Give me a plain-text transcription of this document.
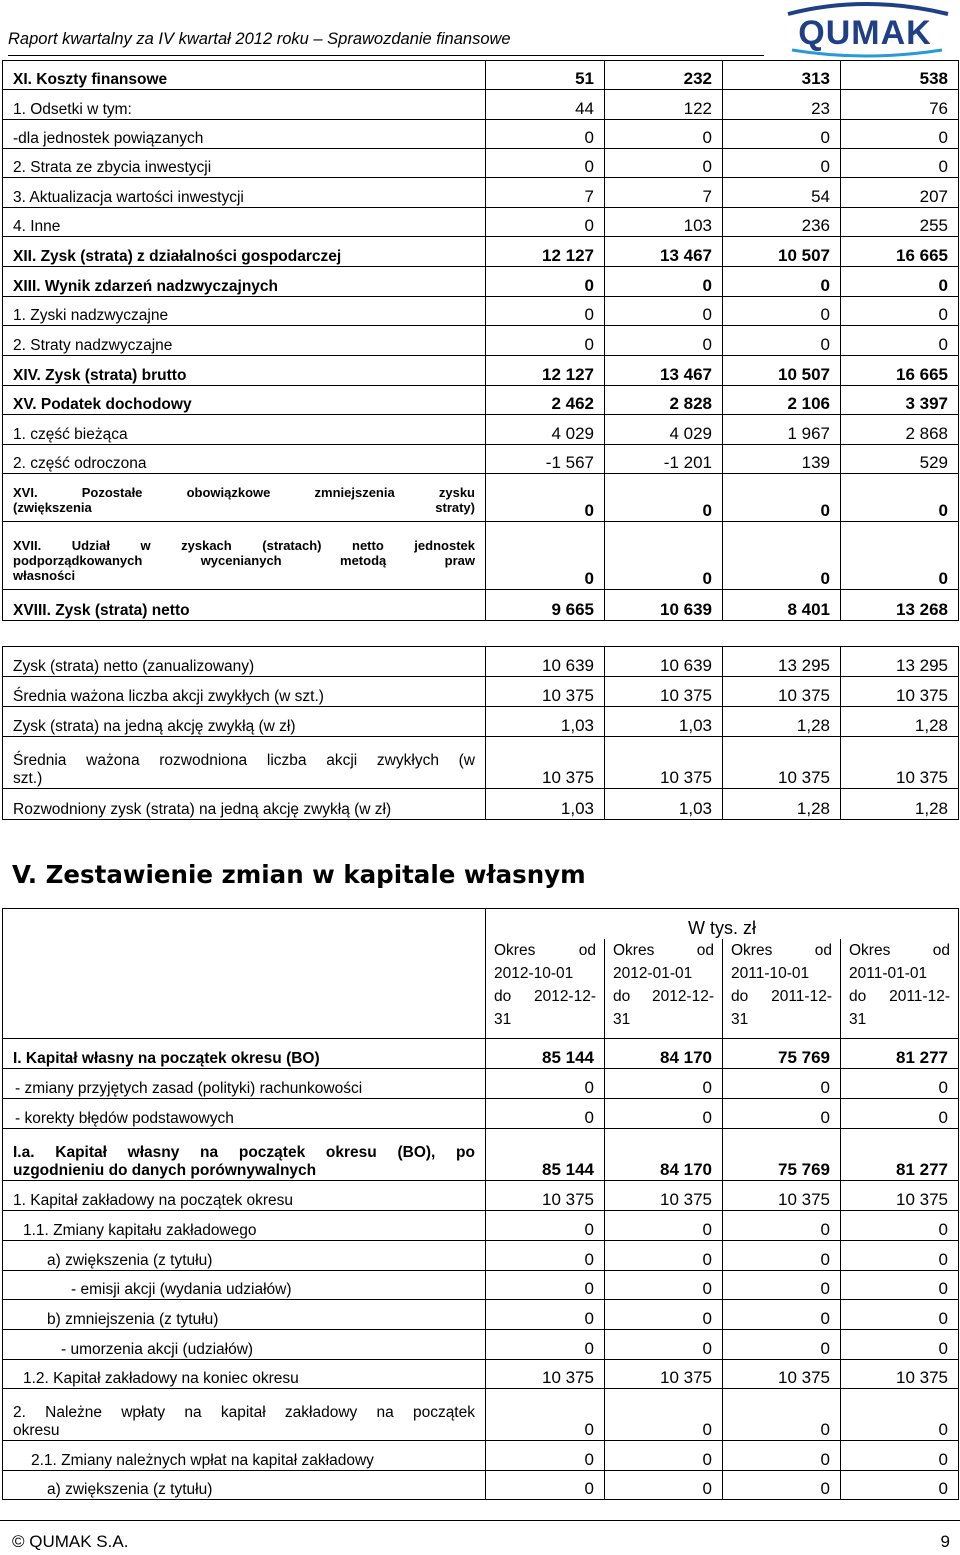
Raport kwartalny za IV kwartał 2012 roku – Sprawozdanie finansowe	QUMAK
XI. Koszty finansowe	51	232	313	538
1. Odsetki w tym:	44	122	23	76
-dla jednostek powiązanych	0	0	0	0
2. Strata ze zbycia inwestycji	0	0	0	0
3. Aktualizacja wartości inwestycji	7	7	54	207
4. Inne	0	103	236	255
XII. Zysk (strata) z działalności gospodarczej	12 127	13 467	10 507	16 665
XIII. Wynik zdarzeń nadzwyczajnych	0	0	0	0
1. Zyski nadzwyczajne	0	0	0	0
2. Straty nadzwyczajne	0	0	0	0
XIV. Zysk (strata) brutto	12 127	13 467	10 507	16 665
XV. Podatek dochodowy	2 462	2 828	2 106	3 397
1. część bieżąca	4 029	4 029	1 967	2 868
2. część odroczona	-1 567	-1 201	139	529

XVI. Pozostałe obowiązkowe zmniejszenia zysku
(zwiększenia straty)	0	0	0	0

XVII. Udział w zyskach (stratach) netto jednostek
podporządkowanych wycenianych metodą praw
własności	0	0	0	0
XVIII. Zysk (strata) netto	9 665	10 639	8 401	13 268
Zysk (strata) netto (zanualizowany)	10 639	10 639	13 295	13 295
Średnia ważona liczba akcji zwykłych (w szt.)	10 375	10 375	10 375	10 375
Zysk (strata) na jedną akcję zwykłą (w zł)	1,03	1,03	1,28	1,28

Średnia ważona rozwodniona liczba akcji zwykłych (w
szt.)	10 375	10 375	10 375	10 375
Rozwodniony zysk (strata) na jedną akcję zwykłą (w zł)	1,03	1,03	1,28	1,28
V. Zestawienie zmian w kapitale własnym
	W tys. zł			

	Okres od
2012-10-01
do 2012-12-
31	Okres od
2012-01-01
do 2012-12-
31	Okres od
2011-10-01
do 2011-12-
31	Okres od
2011-01-01
do 2011-12-
31

I. Kapitał własny na początek okresu (BO)	85 144	84 170	75 769	81 277
- zmiany przyjętych zasad (polityki) rachunkowości	0	0	0	0
- korekty błędów podstawowych	0	0	0	0

I.a. Kapitał własny na początek okresu (BO), po
uzgodnieniu do danych porównywalnych	85 144	84 170	75 769	81 277
1. Kapitał zakładowy na początek okresu	10 375	10 375	10 375	10 375
1.1. Zmiany kapitału zakładowego	0	0	0	0
a) zwiększenia (z tytułu)	0	0	0	0
- emisji akcji (wydania udziałów)	0	0	0	0
b) zmniejszenia (z tytułu)	0	0	0	0
- umorzenia akcji (udziałów)	0	0	0	0
1.2. Kapitał zakładowy na koniec okresu	10 375	10 375	10 375	10 375

2. Należne wpłaty na kapitał zakładowy na początek
okresu	0	0	0	0
2.1. Zmiany należnych wpłat na kapitał zakładowy	0	0	0	0
a) zwiększenia (z tytułu)	0	0	0	0
© QUMAK S.A.	9
